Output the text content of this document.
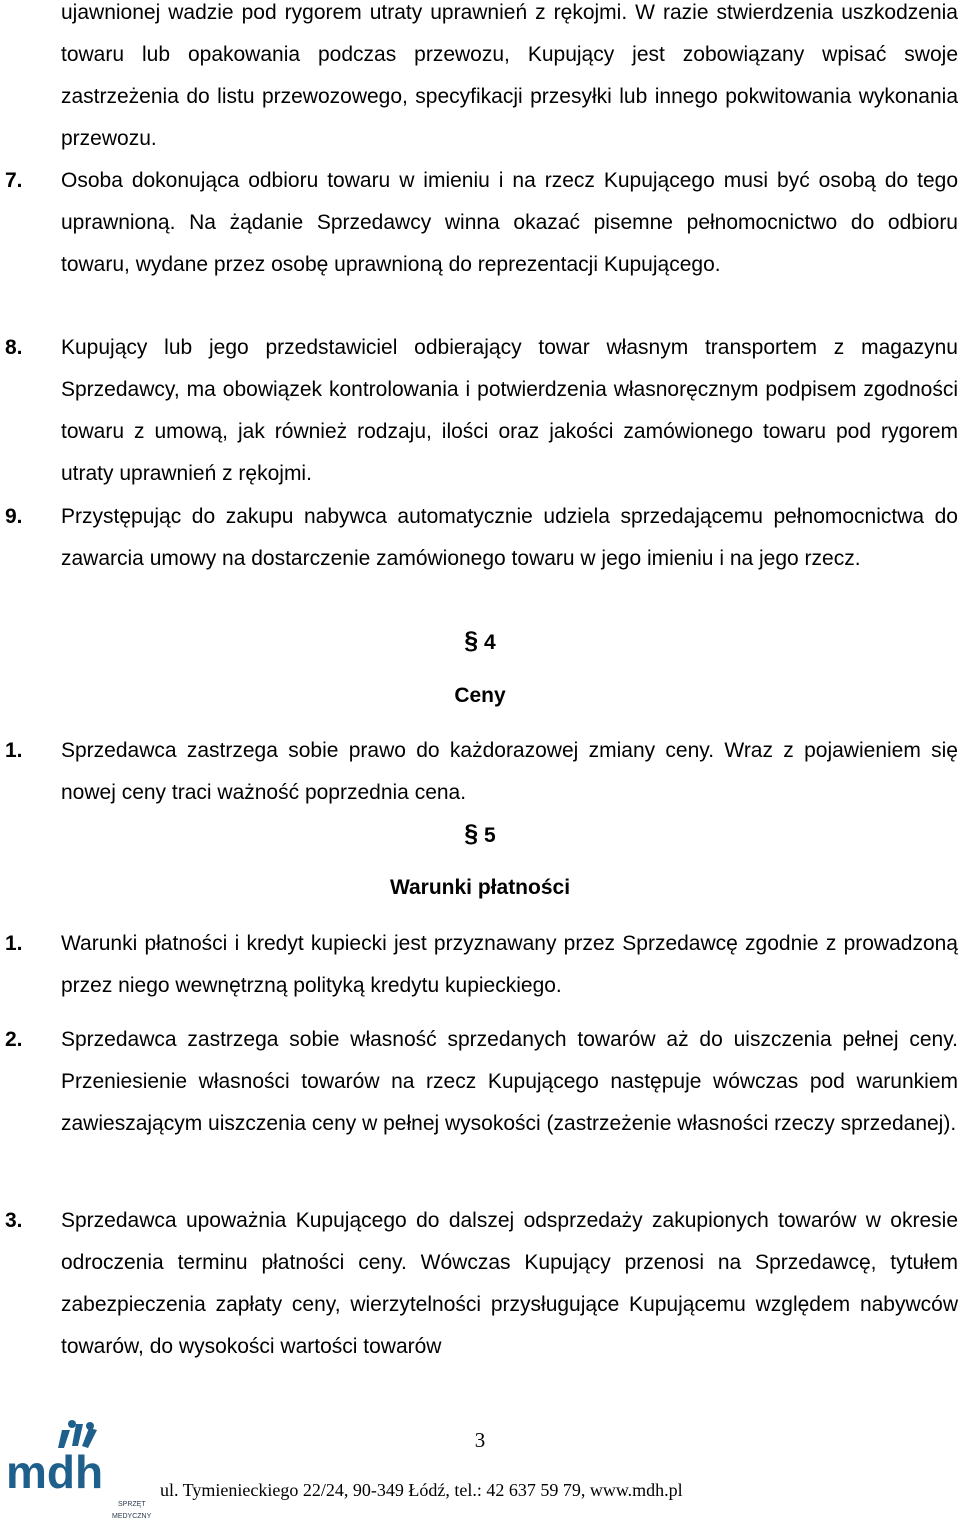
ujawnionej wadzie pod rygorem utraty uprawnień z rękojmi. W razie stwierdzenia uszkodzenia towaru lub opakowania podczas przewozu, Kupujący jest zobowiązany wpisać swoje zastrzeżenia do listu przewozowego, specyfikacji przesyłki lub innego pokwitowania wykonania przewozu.
7. Osoba dokonująca odbioru towaru w imieniu i na rzecz Kupującego musi być osobą do tego uprawnioną. Na żądanie Sprzedawcy winna okazać pisemne pełnomocnictwo do odbioru towaru, wydane przez osobę uprawnioną do reprezentacji Kupującego.
8. Kupujący lub jego przedstawiciel odbierający towar własnym transportem z magazynu Sprzedawcy, ma obowiązek kontrolowania i potwierdzenia własnoręcznym podpisem zgodności towaru z umową, jak również rodzaju, ilości oraz jakości zamówionego towaru pod rygorem utraty uprawnień z rękojmi.
9. Przystępując do zakupu nabywca automatycznie udziela sprzedającemu pełnomocnictwa do zawarcia umowy na dostarczenie zamówionego towaru w jego imieniu i na jego rzecz.
§ 4
Ceny
1. Sprzedawca zastrzega sobie prawo do każdorazowej zmiany ceny. Wraz z pojawieniem się nowej ceny traci ważność poprzednia cena.
§ 5
Warunki płatności
1. Warunki płatności i kredyt kupiecki jest przyznawany przez Sprzedawcę zgodnie z prowadzoną przez niego wewnętrzną polityką kredytu kupieckiego.
2. Sprzedawca zastrzega sobie własność sprzedanych towarów aż do uiszczenia pełnej ceny. Przeniesienie własności towarów na rzecz Kupującego następuje wówczas pod warunkiem zawieszającym uiszczenia ceny w pełnej wysokości (zastrzeżenie własności rzeczy sprzedanej).
3. Sprzedawca upoważnia Kupującego do dalszej odsprzedaży zakupionych towarów w okresie odroczenia terminu płatności ceny. Wówczas Kupujący przenosi na Sprzedawcę, tytułem zabezpieczenia zapłaty ceny, wierzytelności przysługujące Kupującemu względem nabywców towarów, do wysokości wartości towarów
3
mdh
SPRZĘT
MEDYCZNY
ul. Tymienieckiego 22/24, 90-349 Łódź, tel.: 42 637 59 79, www.mdh.pl
